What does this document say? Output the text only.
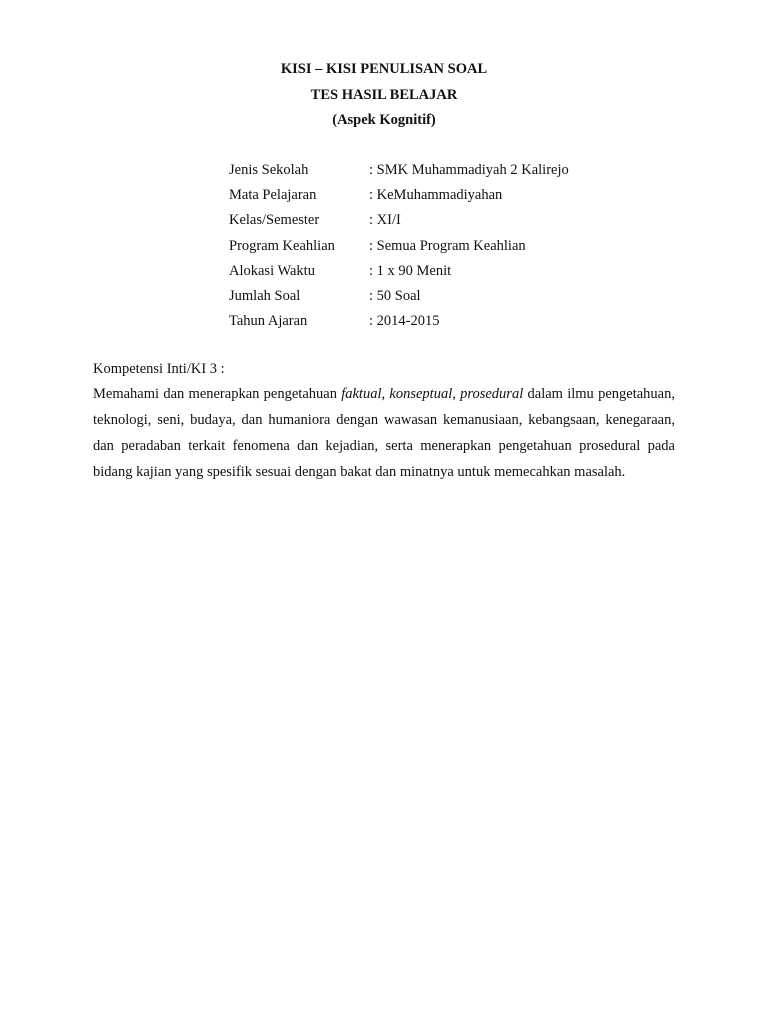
KISI – KISI PENULISAN SOAL
TES HASIL BELAJAR
(Aspek Kognitif)
Jenis Sekolah	: SMK Muhammadiyah 2 Kalirejo
Mata Pelajaran	: KeMuhammadiyahan
Kelas/Semester	: XI/I
Program Keahlian : Semua Program Keahlian
Alokasi Waktu	: 1 x 90 Menit
Jumlah Soal	: 50 Soal
Tahun Ajaran	: 2014-2015
Kompetensi Inti/KI 3 :
Memahami dan menerapkan pengetahuan faktual, konseptual, prosedural dalam ilmu pengetahuan, teknologi, seni, budaya, dan humaniora dengan wawasan kemanusiaan, kebangsaan, kenegaraan, dan peradaban terkait fenomena dan kejadian, serta menerapkan pengetahuan prosedural pada bidang kajian yang spesifik sesuai dengan bakat dan minatnya untuk memecahkan masalah.
